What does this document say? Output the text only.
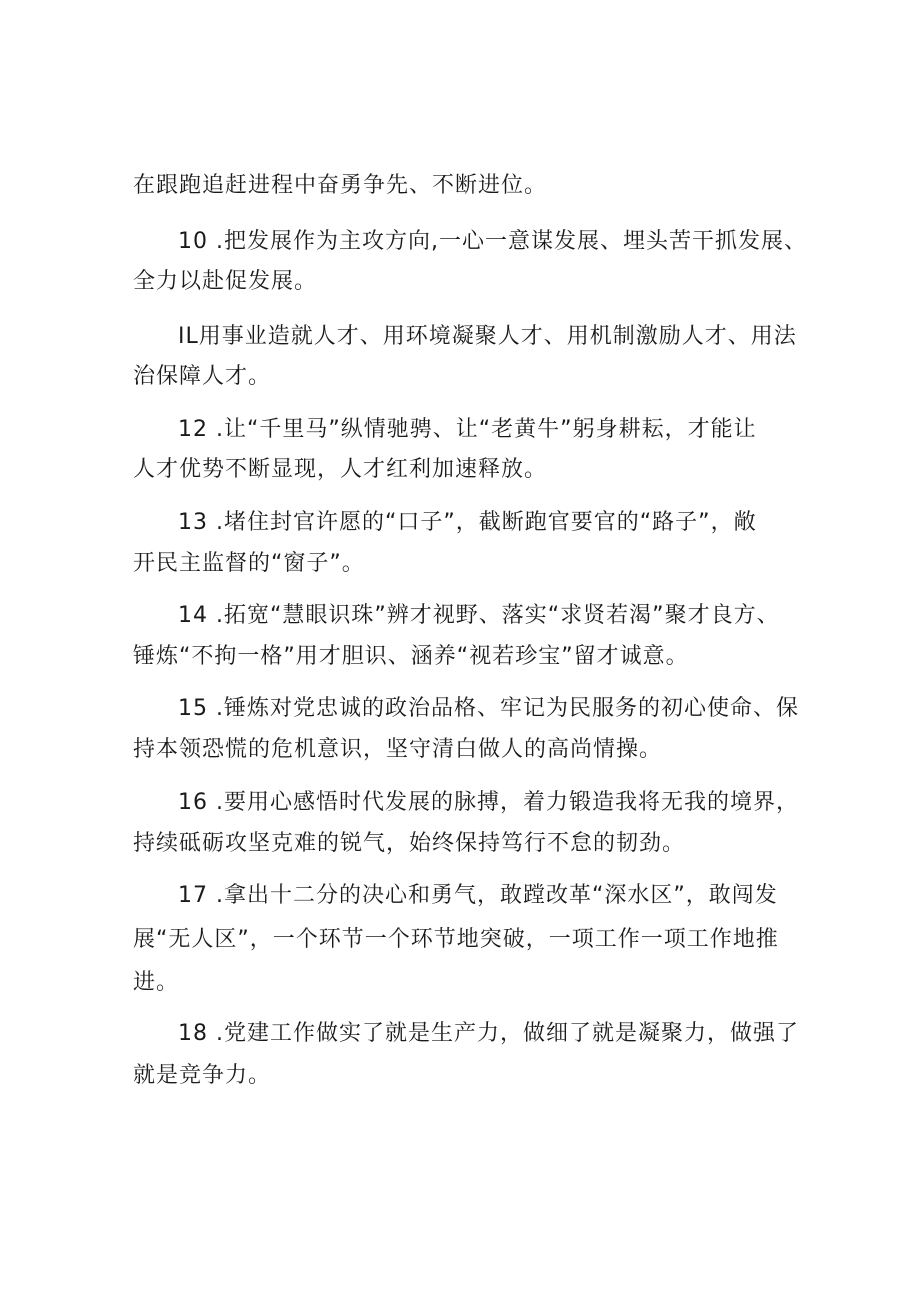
在跟跑追赶进程中奋勇争先、不断进位。
10 .把发展作为主攻方向,一心一意谋发展、埋头苦干抓发展、
全力以赴促发展。
IL用事业造就人才、用环境凝聚人才、用机制激励人才、用法
治保障人才。
12 .让“千里马”纵情驰骋、让“老黄牛”躬身耕耘，才能让
人才优势不断显现，人才红利加速释放。
13 .堵住封官许愿的“口子”，截断跑官要官的“路子”，敞
开民主监督的“窗子”。
14 .拓宽“慧眼识珠”辨才视野、落实“求贤若渴”聚才良方、
锤炼“不拘一格”用才胆识、涵养“视若珍宝”留才诚意。
15 .锤炼对党忠诚的政治品格、牢记为民服务的初心使命、保
持本领恐慌的危机意识，坚守清白做人的高尚情操。
16 .要用心感悟时代发展的脉搏，着力锻造我将无我的境界，
持续砥砺攻坚克难的锐气，始终保持笃行不怠的韧劲。
17 .拿出十二分的决心和勇气，敢蹚改革“深水区”，敢闯发
展“无人区”，一个环节一个环节地突破，一项工作一项工作地推
进。
18 .党建工作做实了就是生产力，做细了就是凝聚力，做强了
就是竞争力。
